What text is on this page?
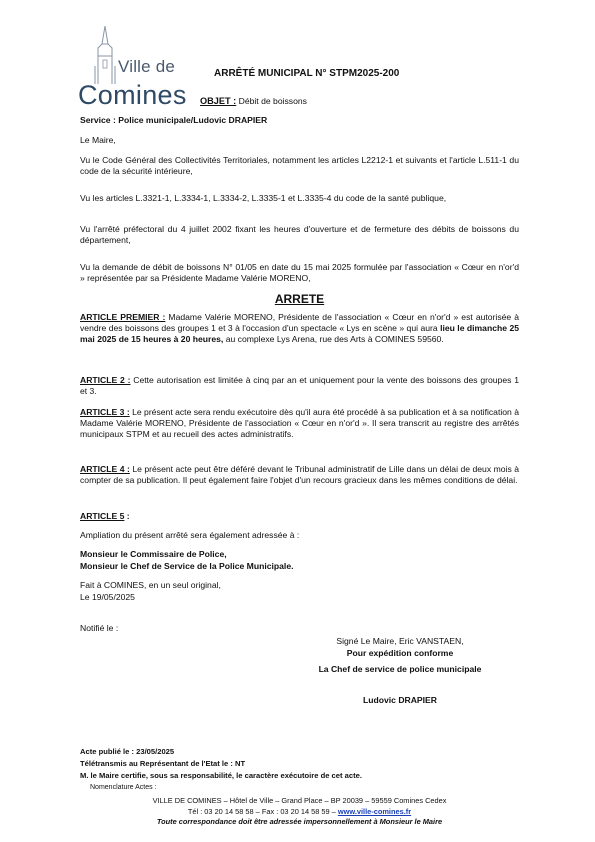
Ville de
Comines
ARRÊTÉ MUNICIPAL N° STPM2025-200
OBJET : Débit de boissons
Service : Police municipale/Ludovic DRAPIER
Le Maire,
Vu le Code Général des Collectivités Territoriales, notamment les articles L2212-1 et suivants et l'article L.511-1 du code de la sécurité intérieure,
Vu les articles L.3321-1, L.3334-1, L.3334-2, L.3335-1 et L.3335-4 du code de la santé publique,
Vu l'arrêté préfectoral du 4 juillet 2002 fixant les heures d'ouverture et de fermeture des débits de boissons du département,
Vu la demande de débit de boissons N° 01/05 en date du 15 mai 2025 formulée par l'association « Cœur en n'or'd » représentée par sa Présidente Madame Valérie MORENO,
ARRETE
ARTICLE PREMIER : Madame Valérie MORENO, Présidente de l'association « Cœur en n'or'd » est autorisée à vendre des boissons des groupes 1 et 3 à l'occasion d'un spectacle « Lys en scène » qui aura lieu le dimanche 25 mai 2025 de 15 heures à 20 heures, au complexe Lys Arena, rue des Arts à COMINES 59560.
ARTICLE 2 : Cette autorisation est limitée à cinq par an et uniquement pour la vente des boissons des groupes 1 et 3.
ARTICLE 3 : Le présent acte sera rendu exécutoire dès qu'il aura été procédé à sa publication et à sa notification à Madame Valérie MORENO, Présidente de l'association « Cœur en n'or'd ». Il sera transcrit au registre des arrêtés municipaux STPM et au recueil des actes administratifs.
ARTICLE 4 : Le présent acte peut être déféré devant le Tribunal administratif de Lille dans un délai de deux mois à compter de sa publication. Il peut également faire l'objet d'un recours gracieux dans les mêmes conditions de délai.
ARTICLE 5 :
Ampliation du présent arrêté sera également adressée à :
Monsieur le Commissaire de Police,
Monsieur le Chef de Service de la Police Municipale.
Fait à COMINES, en un seul original,
Le 19/05/2025
Notifié le :
Signé Le Maire, Eric VANSTAEN,
Pour expédition conforme
La Chef de service de police municipale
Ludovic DRAPIER
Acte publié le : 23/05/2025
Télétransmis au Représentant de l'Etat le : NT
M. le Maire certifie, sous sa responsabilité, le caractère exécutoire de cet acte.
Nomenclature Actes :
VILLE DE COMINES – Hôtel de Ville – Grand Place – BP 20039 – 59559 Comines Cedex
Tél : 03 20 14 58 58 – Fax : 03 20 14 58 59 – www.ville-comines.fr
Toute correspondance doit être adressée impersonnellement à Monsieur le Maire
